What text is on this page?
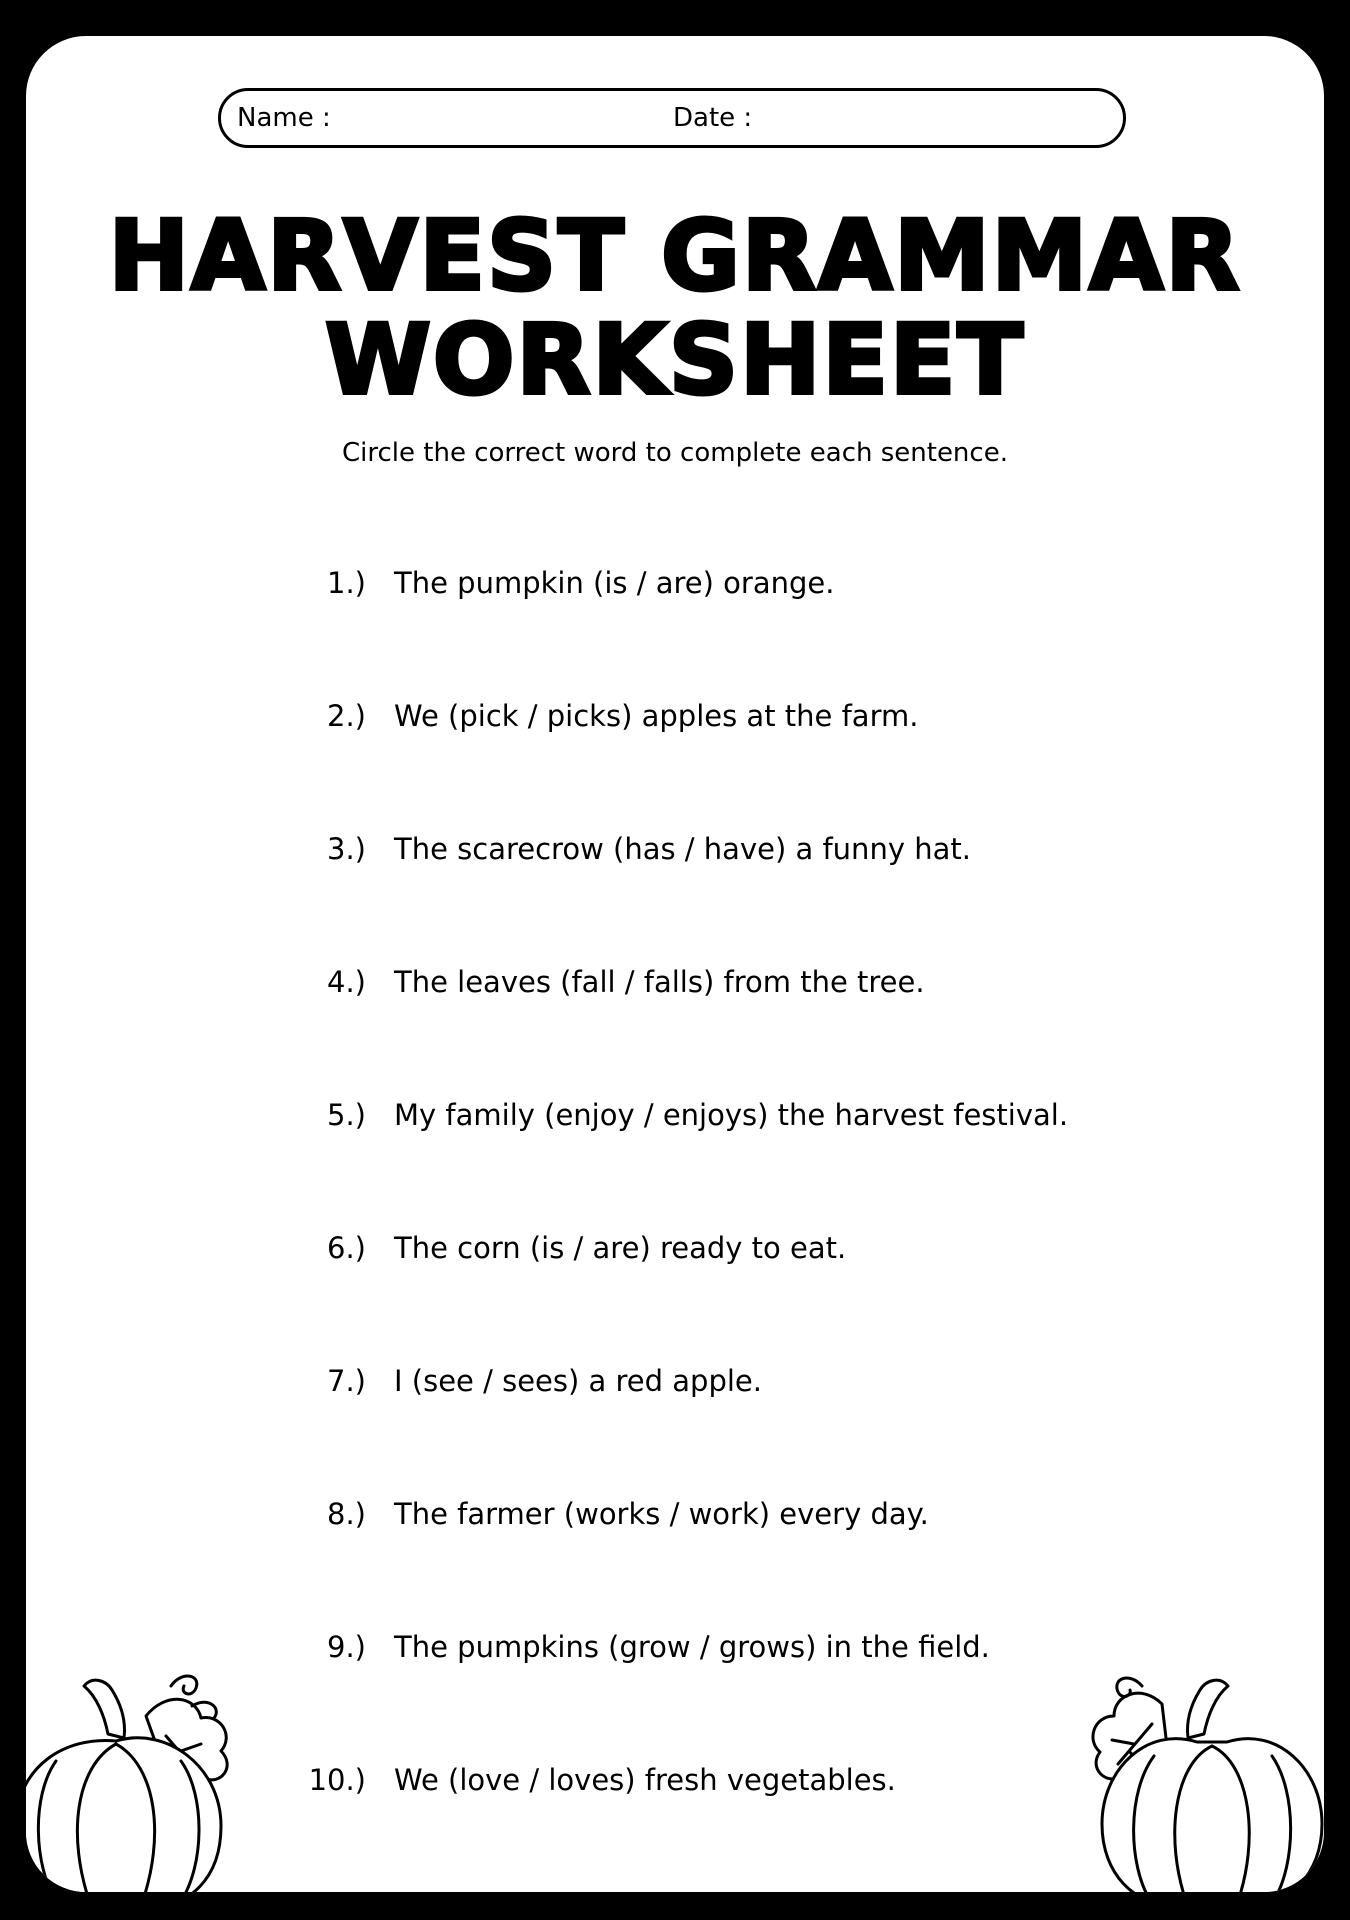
Name :	Date :
HARVEST GRAMMAR
WORKSHEET
Circle the correct word to complete each sentence.
1.) The pumpkin (is / are) orange.
2.) We (pick / picks) apples at the farm.
3.) The scarecrow (has / have) a funny hat.
4.) The leaves (fall / falls) from the tree.
5.) My family (enjoy / enjoys) the harvest festival.
6.) The corn (is / are) ready to eat.
7.) I (see / sees) a red apple.
8.) The farmer (works / work) every day.
9.) The pumpkins (grow / grows) in the field.
10.) We (love / loves) fresh vegetables.
